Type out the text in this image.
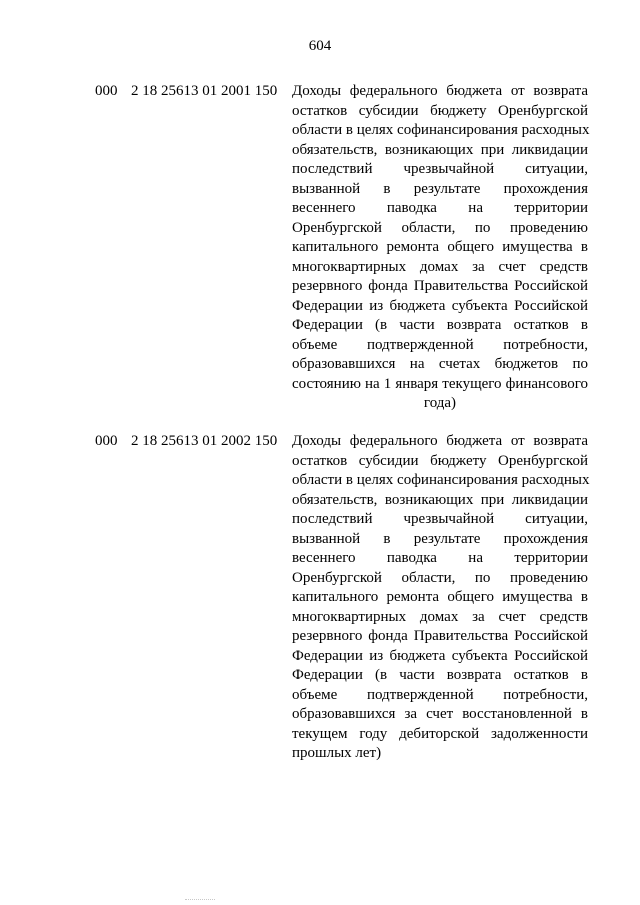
604
000 2 18 25613 01 2001 150 Доходы федерального бюджета от возврата
остатков субсидии бюджету Оренбургской
области в целях софинансирования расходных
обязательств, возникающих при ликвидации
последствий чрезвычайной ситуации,
вызванной в результате прохождения
весеннего паводка на территории
Оренбургской области, по проведению
капитального ремонта общего имущества в
многоквартирных домах за счет средств
резервного фонда Правительства Российской
Федерации из бюджета субъекта Российской
Федерации (в части возврата остатков в
объеме подтвержденной потребности,
образовавшихся на счетах бюджетов по
состоянию на 1 января текущего финансового
года)
000 2 18 25613 01 2002 150 Доходы федерального бюджета от возврата
остатков субсидии бюджету Оренбургской
области в целях софинансирования расходных
обязательств, возникающих при ликвидации
последствий чрезвычайной ситуации,
вызванной в результате прохождения
весеннего паводка на территории
Оренбургской области, по проведению
капитального ремонта общего имущества в
многоквартирных домах за счет средств
резервного фонда Правительства Российской
Федерации из бюджета субъекта Российской
Федерации (в части возврата остатков в
объеме подтвержденной потребности,
образовавшихся за счет восстановленной в
текущем году дебиторской задолженности
прошлых лет)
